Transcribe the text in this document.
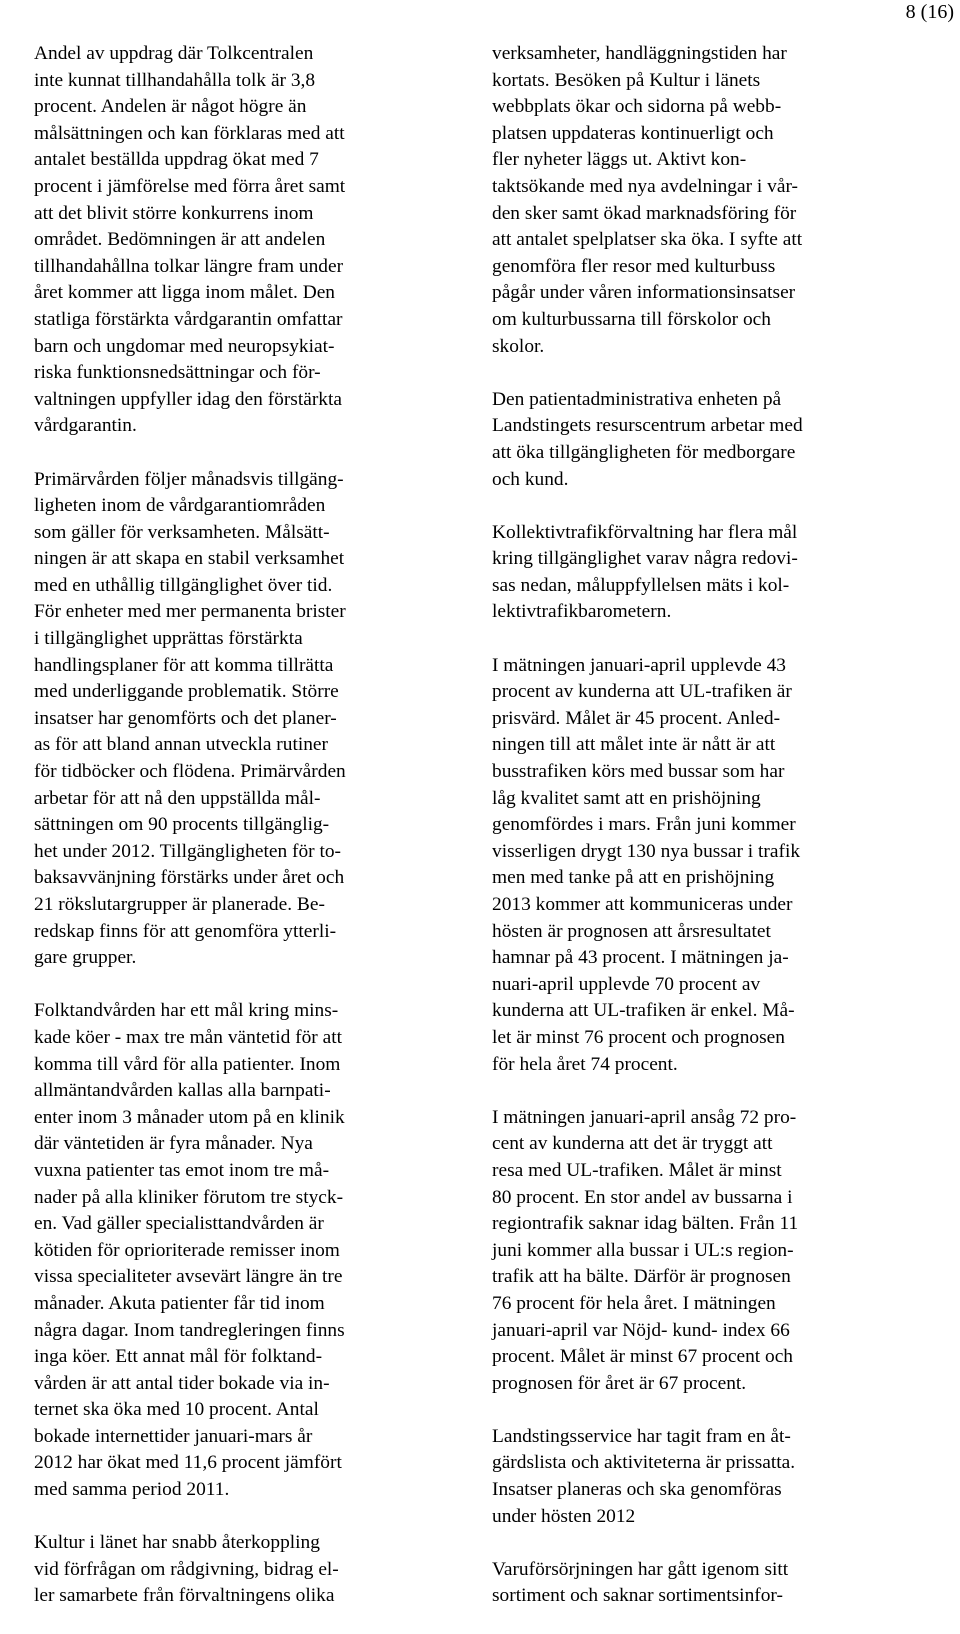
8 (16)

Andel av uppdrag där Tolkcentralen
inte kunnat tillhandahålla tolk är 3,8
procent. Andelen är något högre än
målsättningen och kan förklaras med att
antalet beställda uppdrag ökat med 7
procent i jämförelse med förra året samt
att det blivit större konkurrens inom
området. Bedömningen är att andelen
tillhandahållna tolkar längre fram under
året kommer att ligga inom målet. Den
statliga förstärkta vårdgarantin omfattar
barn och ungdomar med neuropsykiat-
riska funktionsnedsättningar och för-
valtningen uppfyller idag den förstärkta
vårdgarantin.

Primärvården följer månadsvis tillgäng-
ligheten inom de vårdgarantiområden
som gäller för verksamheten. Målsätt-
ningen är att skapa en stabil verksamhet
med en uthållig tillgänglighet över tid.
För enheter med mer permanenta brister
i tillgänglighet upprättas förstärkta
handlingsplaner för att komma tillrätta
med underliggande problematik. Större
insatser har genomförts och det planer-
as för att bland annan utveckla rutiner
för tidböcker och flödena. Primärvården
arbetar för att nå den uppställda mål-
sättningen om 90 procents tillgänglig-
het under 2012. Tillgängligheten för to-
baksavvänjning förstärks under året och
21 rökslutargrupper är planerade. Be-
redskap finns för att genomföra ytterli-
gare grupper.

Folktandvården har ett mål kring mins-
kade köer - max tre mån väntetid för att
komma till vård för alla patienter. Inom
allmäntandvården kallas alla barnpati-
enter inom 3 månader utom på en klinik
där väntetiden är fyra månader. Nya
vuxna patienter tas emot inom tre må-
nader på alla kliniker förutom tre styck-
en. Vad gäller specialisttandvården är
kötiden för oprioriterade remisser inom
vissa specialiteter avsevärt längre än tre
månader. Akuta patienter får tid inom
några dagar. Inom tandregleringen finns
inga köer. Ett annat mål för folktand-
vården är att antal tider bokade via in-
ternet ska öka med 10 procent. Antal
bokade internettider januari-mars år
2012 har ökat med 11,6 procent jämfört
med samma period 2011.

Kultur i länet har snabb återkoppling
vid förfrågan om rådgivning, bidrag el-
ler samarbete från förvaltningens olika

verksamheter, handläggningstiden har
kortats. Besöken på Kultur i länets
webbplats ökar och sidorna på webb-
platsen uppdateras kontinuerligt och
fler nyheter läggs ut. Aktivt kon-
taktsökande med nya avdelningar i vår-
den sker samt ökad marknadsföring för
att antalet spelplatser ska öka. I syfte att
genomföra fler resor med kulturbuss
pågår under våren informationsinsatser
om kulturbussarna till förskolor och
skolor.

Den patientadministrativa enheten på
Landstingets resurscentrum arbetar med
att öka tillgängligheten för medborgare
och kund.

Kollektivtrafikförvaltning har flera mål
kring tillgänglighet varav några redovi-
sas nedan, måluppfyllelsen mäts i kol-
lektivtrafikbarometern.

I mätningen januari-april upplevde 43
procent av kunderna att UL-trafiken är
prisvärd. Målet är 45 procent. Anled-
ningen till att målet inte är nått är att
busstrafiken körs med bussar som har
låg kvalitet samt att en prishöjning
genomfördes i mars. Från juni kommer
visserligen drygt 130 nya bussar i trafik
men med tanke på att en prishöjning
2013 kommer att kommuniceras under
hösten är prognosen att årsresultatet
hamnar på 43 procent. I mätningen ja-
nuari-april upplevde 70 procent av
kunderna att UL-trafiken är enkel. Må-
let är minst 76 procent och prognosen
för hela året 74 procent.

I mätningen januari-april ansåg 72 pro-
cent av kunderna att det är tryggt att
resa med UL-trafiken. Målet är minst
80 procent. En stor andel av bussarna i
regiontrafik saknar idag bälten. Från 11
juni kommer alla bussar i UL:s region-
trafik att ha bälte. Därför är prognosen
76 procent för hela året. I mätningen
januari-april var Nöjd- kund- index 66
procent. Målet är minst 67 procent och
prognosen för året är 67 procent.

Landstingsservice har tagit fram en åt-
gärdslista och aktiviteterna är prissatta.
Insatser planeras och ska genomföras
under hösten 2012

Varuförsörjningen har gått igenom sitt
sortiment och saknar sortimentsinfor-
